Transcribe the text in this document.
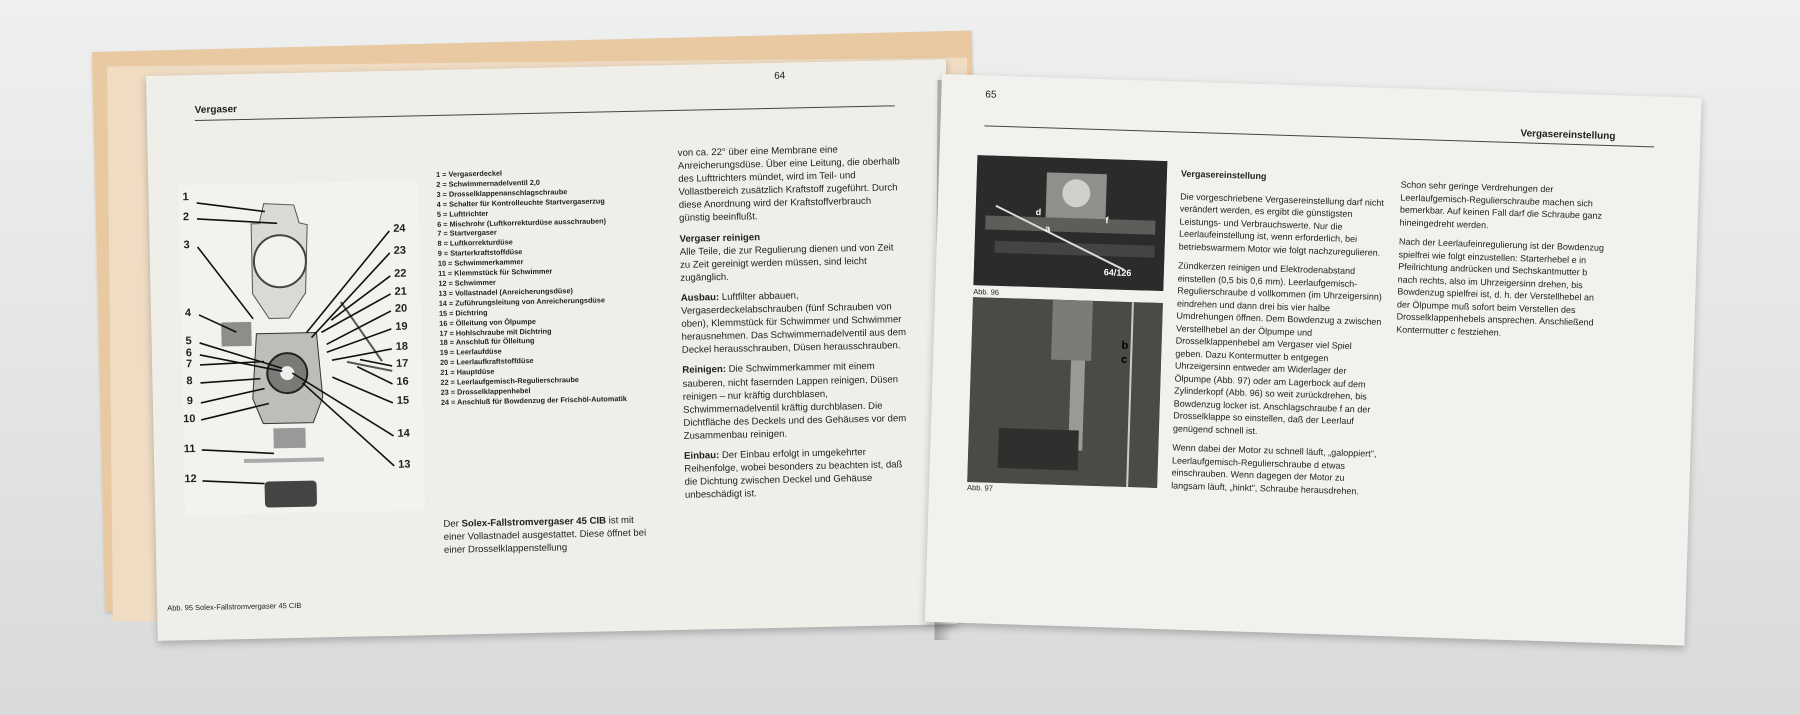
Vergaser
64
1
2
3
4
5
6
7
8
9
10
11
12
24
23
22
21
20
19
18
17
16
15
14
13
Abb. 95 Solex-Fallstromvergaser 45 CIB
1 = Vergaserdeckel
2 = Schwimmernadelventil 2,0
3 = Drosselklappenanschlagschraube
4 = Schalter für Kontrolleuchte Startvergaserzug
5 = Lufttrichter
6 = Mischrohr (Luftkorrekturdüse ausschrauben)
7 = Startvergaser
8 = Luftkorrekturdüse
9 = Starterkraftstoffdüse
10 = Schwimmerkammer
11 = Klemmstück für Schwimmer
12 = Schwimmer
13 = Vollastnadel (Anreicherungsdüse)
14 = Zuführungsleitung von Anreicherungsdüse
15 = Dichtring
16 = Ölleitung von Ölpumpe
17 = Hohlschraube mit Dichtring
18 = Anschluß für Ölleitung
19 = Leerlaufdüse
20 = Leerlaufkraftstoffdüse
21 = Hauptdüse
22 = Leerlaufgemisch-Regulierschraube
23 = Drosselklappenhebel
24 = Anschluß für Bowdenzug der Frischöl-Automatik
Der Solex-Fallstromvergaser 45 CIB ist mit einer Vollastnadel ausgestattet. Diese öffnet bei einer Drosselklappenstellung

von ca. 22° über eine Membrane eine Anreicherungsdüse. Über eine Leitung, die oberhalb des Lufttrichters mündet, wird im Teil- und Vollastbereich zusätzlich Kraftstoff zugeführt. Durch diese Anordnung wird der Kraftstoffverbrauch günstig beeinflußt.

Vergaser reinigen

Alle Teile, die zur Regulierung dienen und von Zeit zu Zeit gereinigt werden müssen, sind leicht zugänglich.

Ausbau: Luftfilter abbauen, Vergaserdeckelabschrauben (fünf Schrauben von oben), Klemmstück für Schwimmer und Schwimmer herausnehmen. Das Schwimmernadelventil aus dem Deckel herausschrauben, Düsen herausschrauben.

Reinigen: Die Schwimmerkammer mit einem sauberen, nicht fasernden Lappen reinigen, Düsen reinigen – nur kräftig durchblasen, Schwimmernadelventil kräftig durchblasen. Die Dichtfläche des Deckels und des Gehäuses vor dem Zusammenbau reinigen.

Einbau: Der Einbau erfolgt in umgekehrter Reihenfolge, wobei besonders zu beachten ist, daß die Dichtung zwischen Deckel und Gehäuse unbeschädigt ist.

65
Vergasereinstellung
d
a
f
64/126
Abb. 96
b
c
Abb. 97

Vergasereinstellung

Die vorgeschriebene Vergasereinstellung darf nicht verändert werden, es ergibt die günstigsten Leistungs- und Verbrauchswerte. Nur die Leerlaufeinstellung ist, wenn erforderlich, bei betriebswarmem Motor wie folgt nachzuregulieren.

Zündkerzen reinigen und Elektrodenabstand einstellen (0,5 bis 0,6 mm). Leerlaufgemisch-Regulierschraube d vollkommen (im Uhrzeigersinn) eindrehen und dann drei bis vier halbe Umdrehungen öffnen. Dem Bowdenzug a zwischen Verstellhebel an der Ölpumpe und Drosselklappenhebel am Vergaser viel Spiel geben. Dazu Kontermutter b entgegen Uhrzeigersinn entweder am Widerlager der Ölpumpe (Abb. 97) oder am Lagerbock auf dem Zylinderkopf (Abb. 96) so weit zurückdrehen, bis Bowdenzug locker ist. Anschlagschraube f an der Drosselklappe so einstellen, daß der Leerlauf genügend schnell ist.

Wenn dabei der Motor zu schnell läuft, „galoppiert", Leerlaufgemisch-Regulierschraube d etwas einschrauben. Wenn dagegen der Motor zu langsam läuft, „hinkt", Schraube herausdrehen.

Schon sehr geringe Verdrehungen der Leerlaufgemisch-Regulierschraube machen sich bemerkbar. Auf keinen Fall darf die Schraube ganz hineingedreht werden.

Nach der Leerlaufeinregulierung ist der Bowdenzug spielfrei wie folgt einzustellen: Starterhebel e in Pfeilrichtung andrücken und Sechskantmutter b nach rechts, also im Uhrzeigersinn drehen, bis Bowdenzug spielfrei ist, d. h. der Verstellhebel an der Ölpumpe muß sofort beim Verstellen des Drosselklappenhebels ansprechen. Anschließend Kontermutter c festziehen.
